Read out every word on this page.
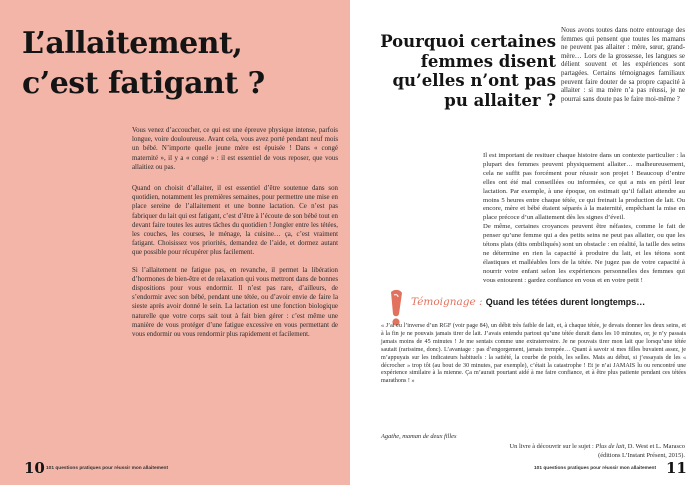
L’allaitement,
c’est fatigant ?

Vous venez d’accoucher, ce qui est une épreuve physique intense, parfois longue, voire douloureuse. Avant cela, vous avez porté pendant neuf mois un bébé. N’importe quelle jeune mère est épuisée ! Dans « congé maternité », il y a « congé » : il est essentiel de vous reposer, que vous allaitiez ou pas.

Quand on choisit d’allaiter, il est essentiel d’être soutenue dans son quotidien, notamment les premières semaines, pour permettre une mise en place sereine de l’allaitement et une bonne lactation. Ce n’est pas fabriquer du lait qui est fatigant, c’est d’être à l’écoute de son bébé tout en devant faire toutes les autres tâches du quotidien ! Jongler entre les tétées, les couches, les courses, le ménage, la cuisine… ça, c’est vraiment fatigant. Choisissez vos priorités, demandez de l’aide, et dormez autant que possible pour récupérer plus facilement.

Si l’allaitement ne fatigue pas, en revanche, il permet la libération d’hormones de bien-être et de relaxation qui vous mettront dans de bonnes dispositions pour vous endormir. Il n’est pas rare, d’ailleurs, de s’endormir avec son bébé, pendant une tétée, ou d’avoir envie de faire la sieste après avoir donné le sein. La lactation est une fonction biologique naturelle que votre corps sait tout à fait bien gérer : c’est même une manière de vous protéger d’une fatigue excessive en vous permettant de vous endormir ou vous rendormir plus rapidement et facilement.

10 101 questions pratiques pour réussir mon allaitement
Pourquoi certaines femmes disent qu’elles n’ont pas pu allaiter ?

Nous avons toutes dans notre entourage des femmes qui pensent que toutes les mamans ne peuvent pas allaiter : mère, sœur, grand-mère… Lors de la grossesse, les langues se délient souvent et les expériences sont partagées. Certains témoignages familiaux peuvent faire douter de sa propre capacité à allaiter : si ma mère n’a pas réussi, je ne pourrai sans doute pas le faire moi-même ?

Il est important de resituer chaque histoire dans un contexte particulier : la plupart des femmes peuvent physiquement allaiter… malheureusement, cela ne suffit pas forcément pour réussir son projet ! Beaucoup d’entre elles ont été mal conseillées ou informées, ce qui a mis en péril leur lactation. Par exemple, à une époque, on estimait qu’il fallait attendre au moins 5 heures entre chaque tétée, ce qui freinait la production de lait. Ou encore, mère et bébé étaient séparés à la maternité, empêchant la mise en place précoce d’un allaitement dès les signes d’éveil.

De même, certaines croyances peuvent être néfastes, comme le fait de penser qu’une femme qui a des petits seins ne peut pas allaiter, ou que les tétons plats (dits ombiliqués) sont un obstacle : en réalité, la taille des seins ne détermine en rien la capacité à produire du lait, et les tétons sont élastiques et malléables lors de la tétée. Ne jugez pas de votre capacité à nourrir votre enfant selon les expériences personnelles des femmes qui vous entourent : gardez confiance en vous et en votre petit !

Témoignage : Quand les tétées durent longtemps…

« J’ai eu l’inverse d’un RGF (voir page 84), un débit très faible de lait, et, à chaque tétée, je devais donner les deux seins, et à la fin je ne pouvais jamais tirer de lait. J’avais entendu partout qu’une tétée durait dans les 10 minutes, or, je n’y passais jamais moins de 45 minutes ! Je me sentais comme une extraterrestre. Je ne pouvais tirer mon lait que lorsqu’une tétée sautait (rarissime, donc). L’avantage : pas d’engorgement, jamais trempée… Quant à savoir si mes filles buvaient assez, je m’appuyais sur les indicateurs habituels : la satiété, la courbe de poids, les selles. Mais au début, si j’essayais de les « décrocher » trop tôt (au bout de 30 minutes, par exemple), c’était la catastrophe ! Et je n’ai JAMAIS lu ou rencontré une expérience similaire à la mienne. Ça m’aurait pourtant aidé à me faire confiance, et à être plus patiente pendant ces tétées marathons ! »

Agathe, maman de deux filles

Un livre à découvrir sur le sujet : Plus de lait, D. West et L. Marasco
(éditions L’Instant Présent, 2015).

101 questions pratiques pour réussir mon allaitement 11
